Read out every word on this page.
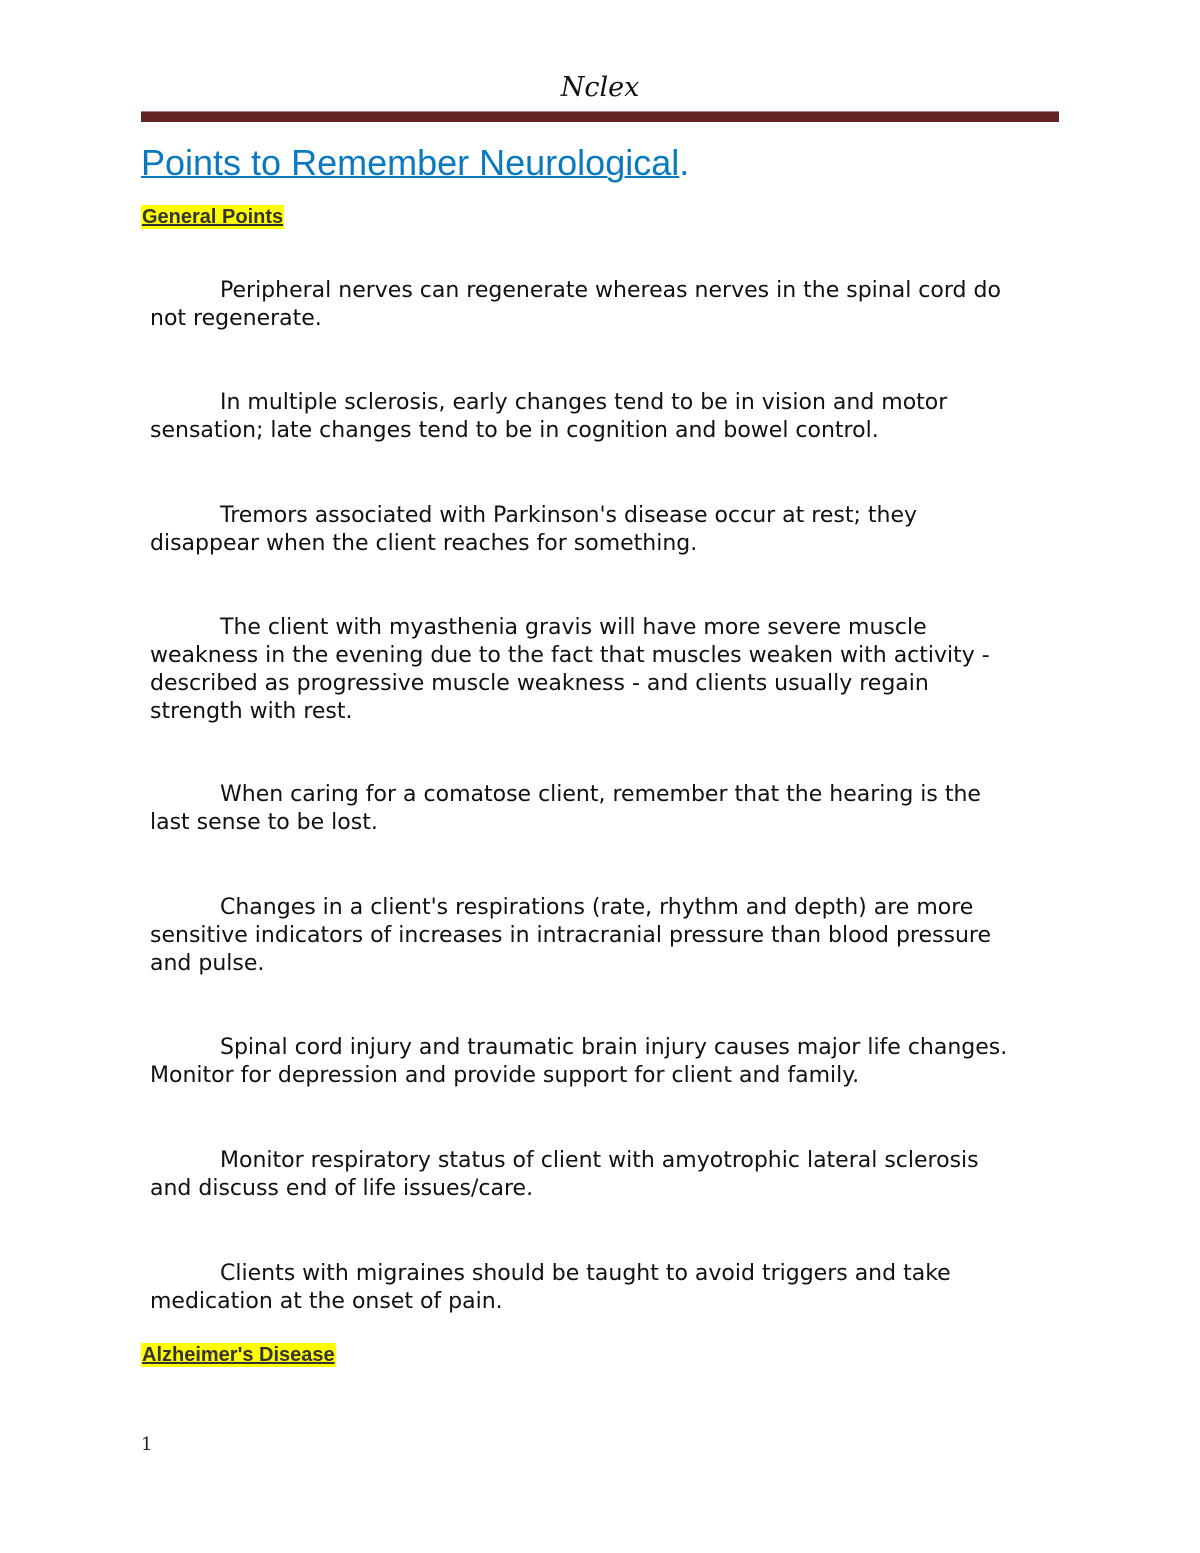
Nclex
Points to Remember Neurological.
General Points
Peripheral nerves can regenerate whereas nerves in the spinal cord do
not regenerate.
In multiple sclerosis, early changes tend to be in vision and motor
sensation; late changes tend to be in cognition and bowel control.
Tremors associated with Parkinson's disease occur at rest; they
disappear when the client reaches for something.
The client with myasthenia gravis will have more severe muscle
weakness in the evening due to the fact that muscles weaken with activity -
described as progressive muscle weakness - and clients usually regain
strength with rest.
When caring for a comatose client, remember that the hearing is the
last sense to be lost.
Changes in a client's respirations (rate, rhythm and depth) are more
sensitive indicators of increases in intracranial pressure than blood pressure
and pulse.
Spinal cord injury and traumatic brain injury causes major life changes.
Monitor for depression and provide support for client and family.
Monitor respiratory status of client with amyotrophic lateral sclerosis
and discuss end of life issues/care.
Clients with migraines should be taught to avoid triggers and take
medication at the onset of pain.
Alzheimer's Disease
1
